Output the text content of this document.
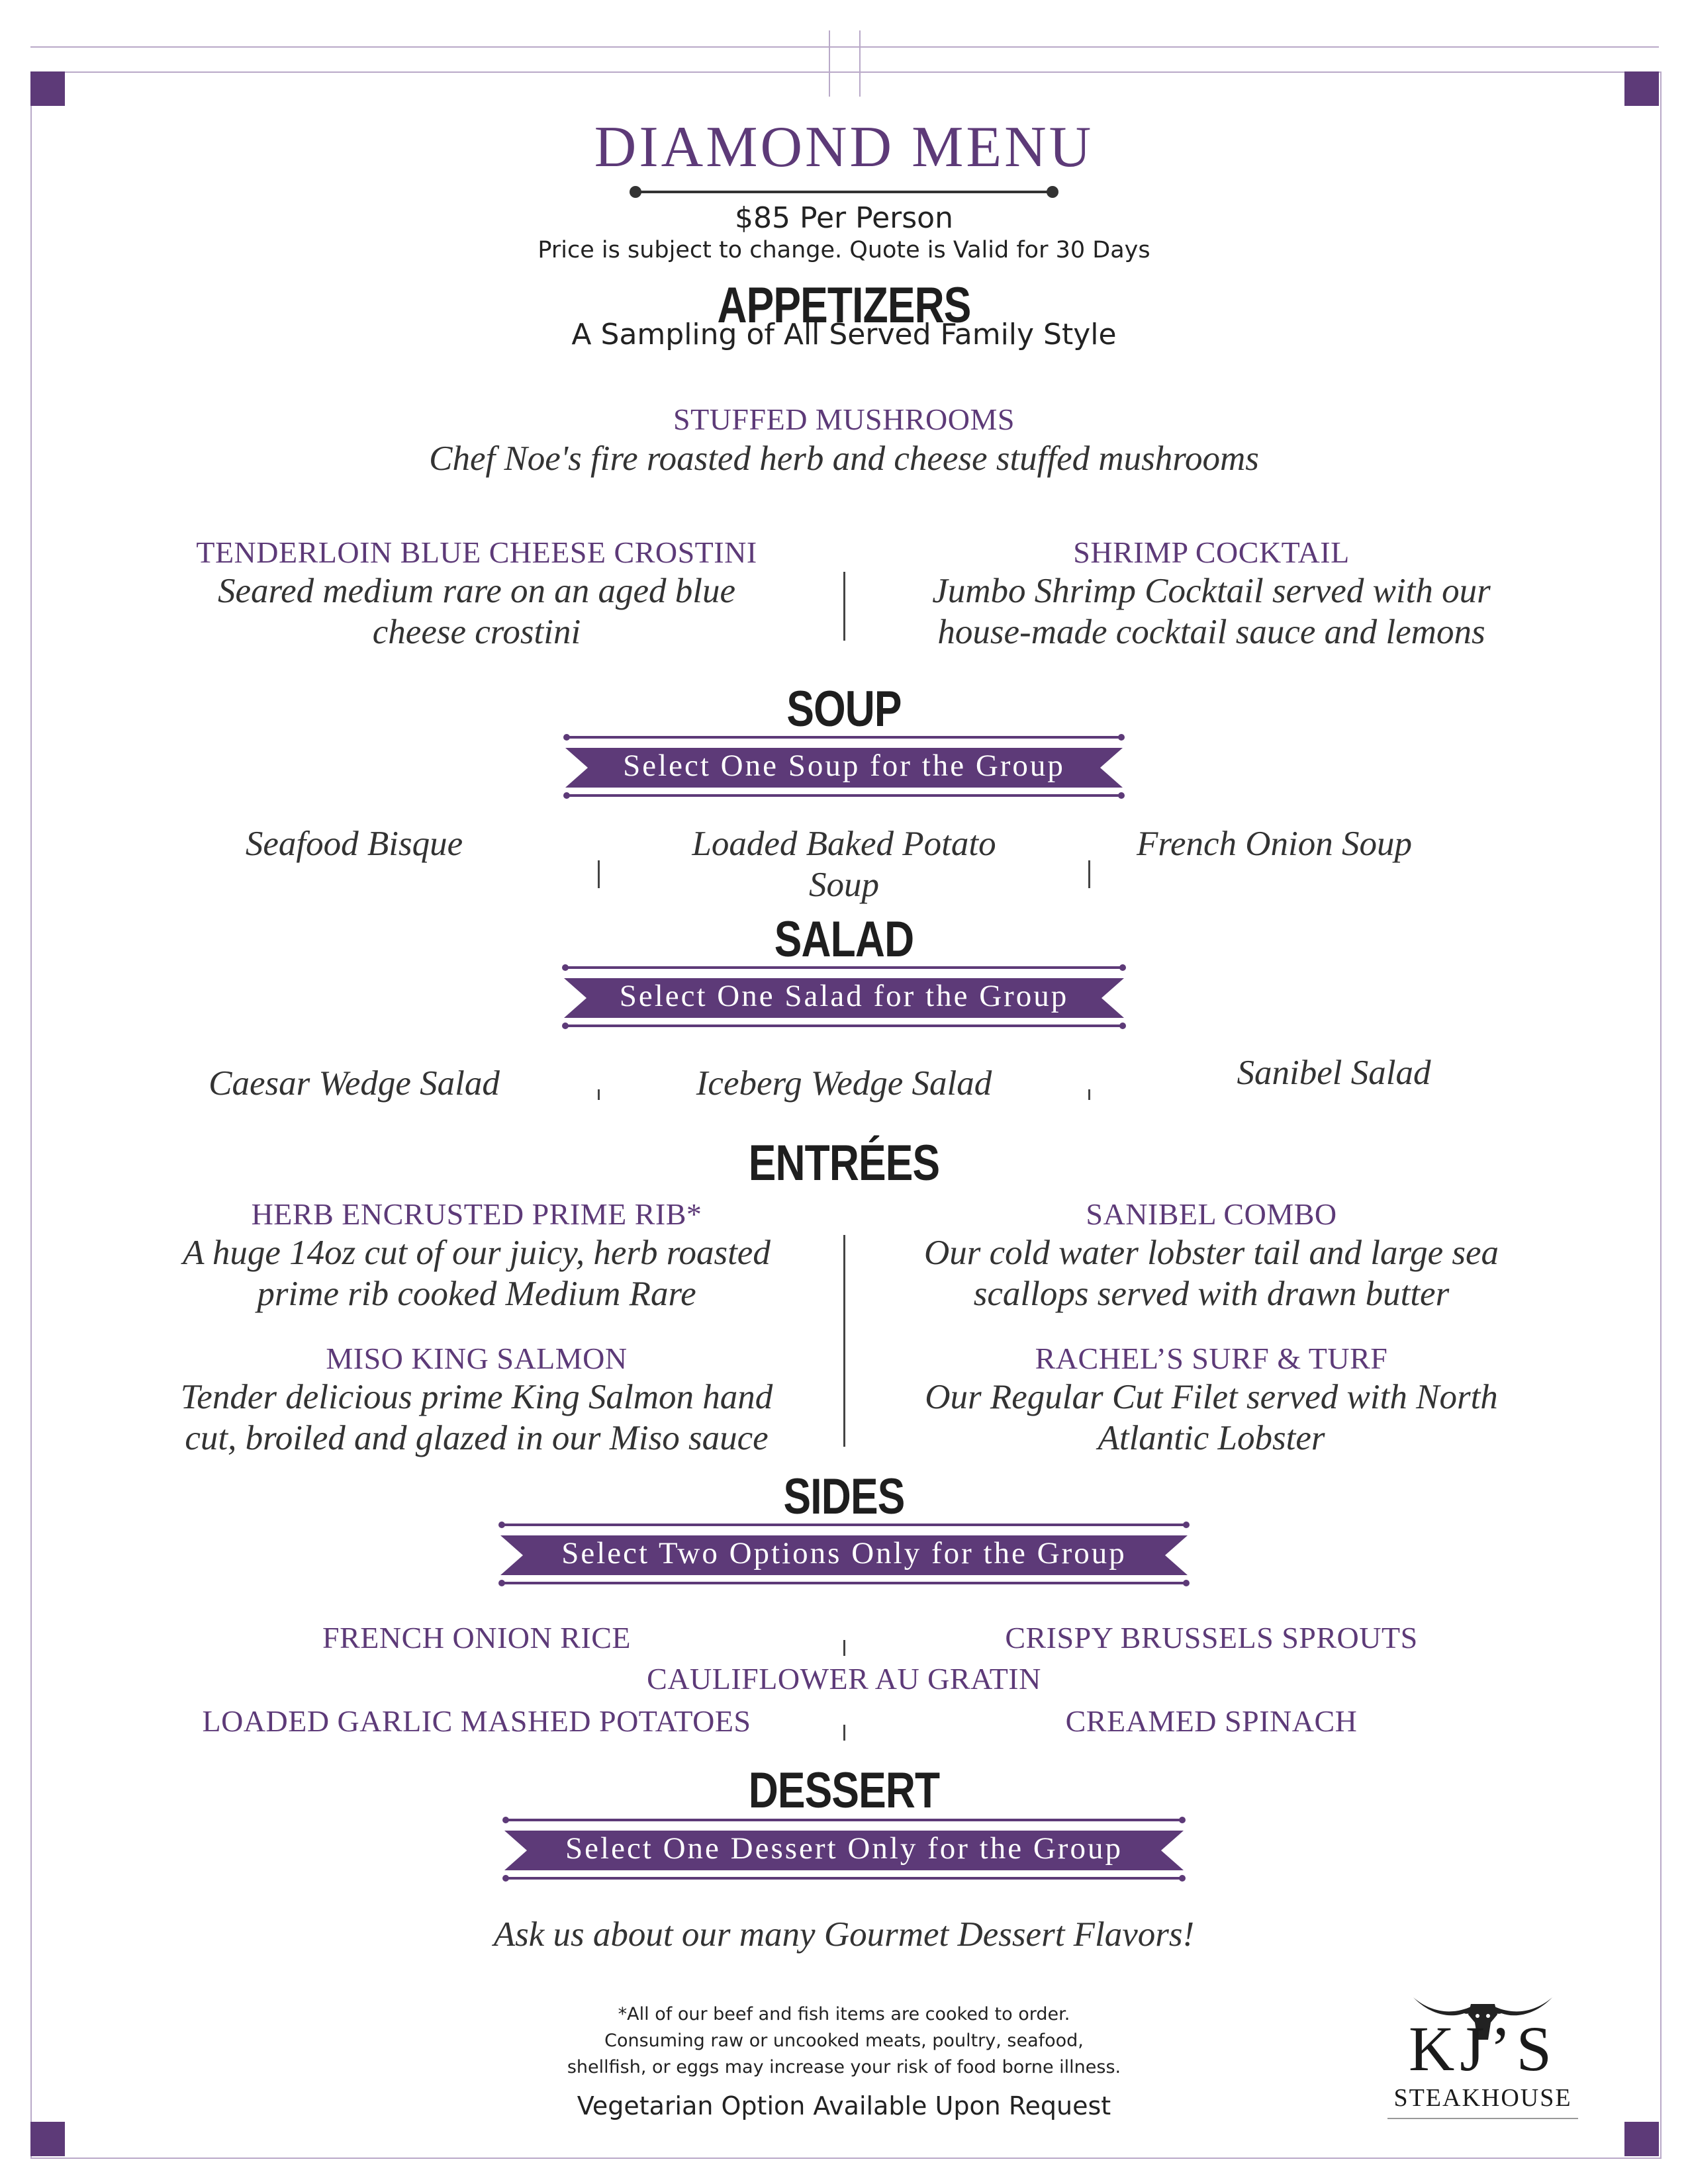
DIAMOND MENU
$85 Per Person
Price is subject to change. Quote is Valid for 30 Days
APPETIZERS
A Sampling of All Served Family Style
STUFFED MUSHROOMS
Chef Noe's fire roasted herb and cheese stuffed mushrooms
TENDERLOIN BLUE CHEESE CROSTINI
Seared medium rare on an aged blue
cheese crostini
SHRIMP COCKTAIL
Jumbo Shrimp Cocktail served with our
house-made cocktail sauce and lemons
SOUP
Select One Soup for the Group
Seafood Bisque	Loaded Baked Potato
Soup
French Onion Soup
SALAD
Select One Salad for the Group
Caesar Wedge Salad	Iceberg Wedge Salad	Sanibel Salad
ENTRÉES
HERB ENCRUSTED PRIME RIB*
A huge 14oz cut of our juicy, herb roasted
prime rib cooked Medium Rare
SANIBEL COMBO
Our cold water lobster tail and large sea
scallops served with drawn butter
MISO KING SALMON
Tender delicious prime King Salmon hand
cut, broiled and glazed in our Miso sauce
RACHEL’S SURF & TURF
Our Regular Cut Filet served with North
Atlantic Lobster
SIDES
Select Two Options Only for the Group
FRENCH ONION RICE	CRISPY BRUSSELS SPROUTS
CAULIFLOWER AU GRATIN
LOADED GARLIC MASHED POTATOES	CREAMED SPINACH
DESSERT
Select One Dessert Only for the Group
Ask us about our many Gourmet Dessert Flavors!
*All of our beef and fish items are cooked to order.
Consuming raw or uncooked meats, poultry, seafood,
shellfish, or eggs may increase your risk of food borne illness.
Vegetarian Option Available Upon Request
KJ’S
STEAKHOUSE
